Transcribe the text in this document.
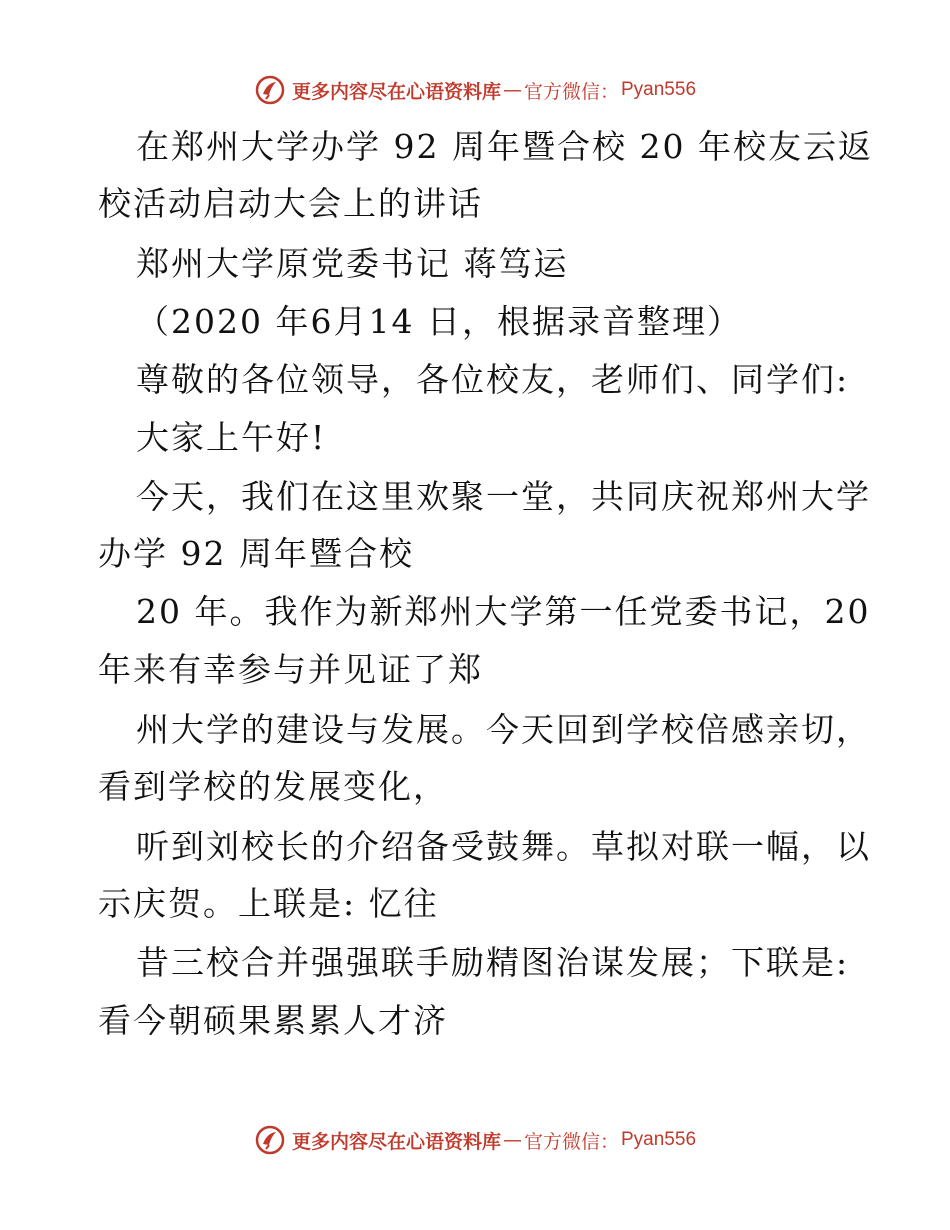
更多内容尽在心语资料库 — 官方微信： Pyan556
在郑州大学办学 92 周年暨合校 20 年校友云返
校活动启动大会上的讲话
郑州大学原党委书记 蒋笃运
（2020 年6月14 日，根据录音整理）
尊敬的各位领导，各位校友，老师们、同学们:
大家上午好!
今天，我们在这里欢聚一堂，共同庆祝郑州大学
办学 92 周年暨合校
20 年。我作为新郑州大学第一任党委书记，20
年来有幸参与并见证了郑
州大学的建设与发展。今天回到学校倍感亲切，
看到学校的发展变化，
听到刘校长的介绍备受鼓舞。草拟对联一幅，以
示庆贺。上联是: 忆往
昔三校合并强强联手励精图治谋发展；下联是:
看今朝硕果累累人才济
更多内容尽在心语资料库 — 官方微信： Pyan556
